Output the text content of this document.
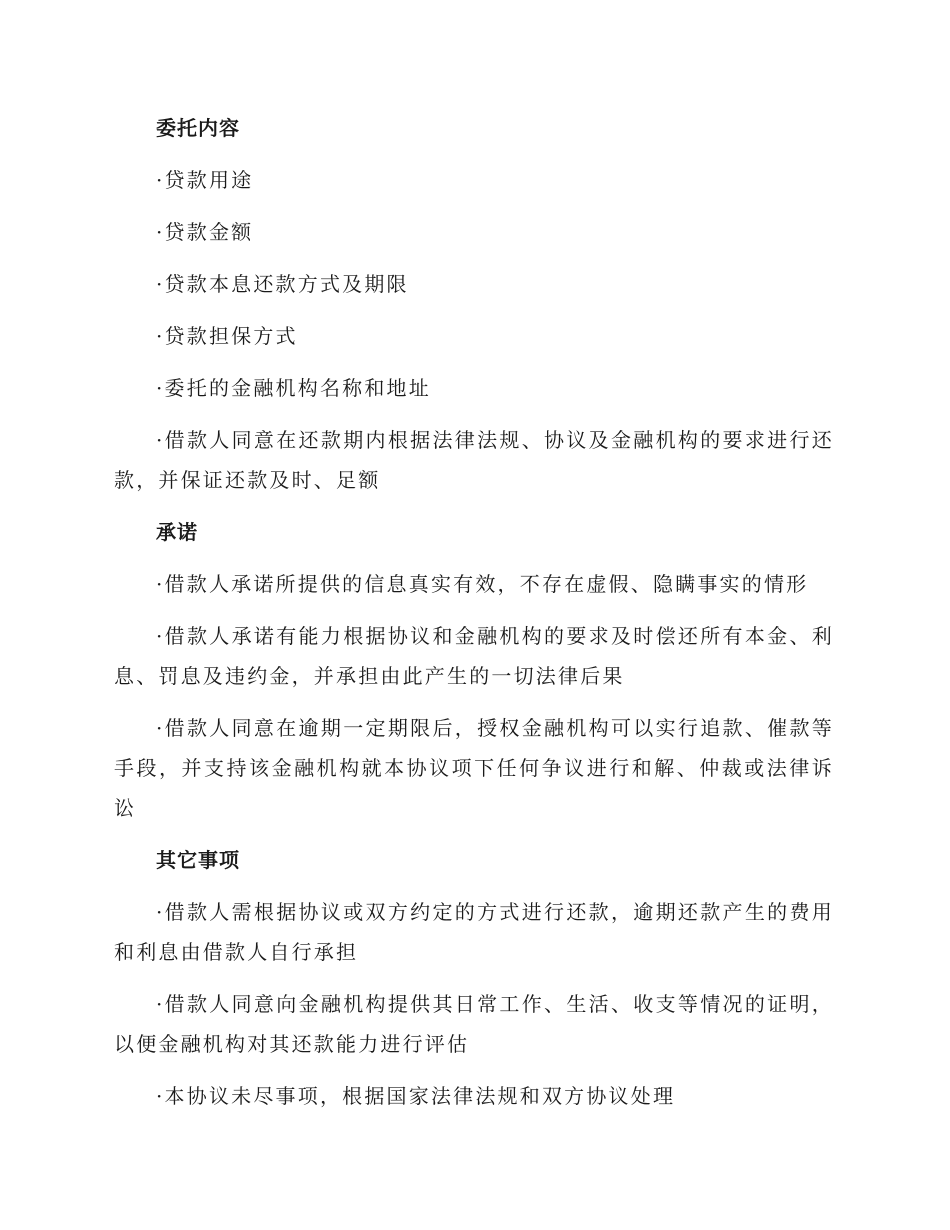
委托内容
·贷款用途
·贷款金额
·贷款本息还款方式及期限
·贷款担保方式
·委托的金融机构名称和地址
·借款人同意在还款期内根据法律法规、协议及金融机构的要求进行还款，并保证还款及时、足额
承诺
·借款人承诺所提供的信息真实有效，不存在虚假、隐瞒事实的情形
·借款人承诺有能力根据协议和金融机构的要求及时偿还所有本金、利息、罚息及违约金，并承担由此产生的一切法律后果
·借款人同意在逾期一定期限后，授权金融机构可以实行追款、催款等手段，并支持该金融机构就本协议项下任何争议进行和解、仲裁或法律诉讼
其它事项
·借款人需根据协议或双方约定的方式进行还款，逾期还款产生的费用和利息由借款人自行承担
·借款人同意向金融机构提供其日常工作、生活、收支等情况的证明，以便金融机构对其还款能力进行评估
·本协议未尽事项，根据国家法律法规和双方协议处理
